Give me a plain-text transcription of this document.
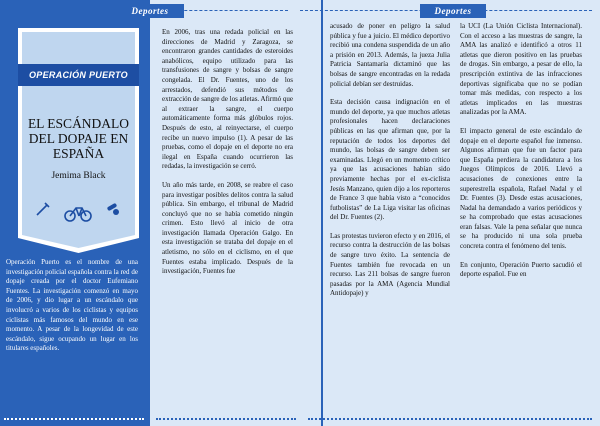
Deportes
OPERACIÓN PUERTO
EL ESCÁNDALO DEL DOPAJE EN ESPAÑA
Jemima Black

Operación Puerto es el nombre de una investigación policial española contra la red de dopaje creada por el doctor Eufemiano Fuentes. La investigación comenzó en mayo de 2006, y dio lugar a un escándalo que involucró a varios de los ciclistas y equipos ciclistas más famosos del mundo en ese momento. A pesar de la longevidad de este escándalo, sigue ocupando un lugar en los titulares españoles.

En 2006, tras una redada policial en las direcciones de Madrid y Zaragoza, se encontraron grandes cantidades de esteroides anabólicos, equipo utilizado para las transfusiones de sangre y bolsas de sangre congelada. El Dr. Fuentes, uno de los arrestados, defendió sus métodos de extracción de sangre de los atletas. Afirmó que al extraer la sangre, el cuerpo automáticamente forma más glóbulos rojos. Después de esto, al reinyectarse, el cuerpo recibe un nuevo impulso (1). A pesar de las pruebas, como el dopaje en el deporte no era ilegal en España cuando ocurrieron las redadas, la investigación se cerró.

Un año más tarde, en 2008, se reabre el caso para investigar posibles delitos contra la salud pública. Sin embargo, el tribunal de Madrid concluyó que no se había cometido ningún crimen. Esto llevó al inicio de otra investigación llamada Operación Galgo. En esta investigación se trataba del dopaje en el atletismo, no sólo en el ciclismo, en el que Fuentes estaba implicado. Después de la investigación, Fuentes fue

Deportes

acusado de poner en peligro la salud pública y fue a juicio. El médico deportivo recibió una condena suspendida de un año a prisión en 2013. Además, la jueza Julia Patricia Santamaría dictaminó que las bolsas de sangre encontradas en la redada policial debían ser destruidas.

Esta decisión causa indignación en el mundo del deporte, ya que muchos atletas profesionales hacen declaraciones públicas en las que afirman que, por la reputación de todos los deportes del mundo, las bolsas de sangre deben ser examinadas. Llegó en un momento crítico ya que las acusaciones habían sido previamente hechas por el ex-ciclista Jesús Manzano, quien dijo a los reporteros de France 3 que había visto a “conocidos futbolistas” de La Liga visitar las oficinas del Dr. Fuentes (2).

Las protestas tuvieron efecto y en 2016, el recurso contra la destrucción de las bolsas de sangre tuvo éxito. La sentencia de Fuentes también fue revocada en un recurso. Las 211 bolsas de sangre fueron pasadas por la AMA (Agencia Mundial Antidopaje) y

la UCI (La Unión Ciclista Internacional). Con el acceso a las muestras de sangre, la AMA las analizó e identificó a otros 11 atletas que dieron positivo en las pruebas de drogas. Sin embargo, a pesar de ello, la prescripción extintiva de las infracciones deportivas significaba que no se podían tomar más medidas, con respecto a los atletas implicados en las muestras analizadas por la AMA.

El impacto general de este escándalo de dopaje en el deporte español fue inmenso. Algunos afirman que fue un factor para que España perdiera la candidatura a los Juegos Olímpicos de 2016. Llevó a acusaciones de conexiones entre la superestrella española, Rafael Nadal y el Dr. Fuentes (3). Desde estas acusaciones, Nadal ha demandado a varios periódicos y se ha comprobado que estas acusaciones eran falsas. Vale la pena señalar que nunca se ha producido ni una sola prueba concreta contra el fenómeno del tenis.

En conjunto, Operación Puerto sacudió el deporte español. Fue en
